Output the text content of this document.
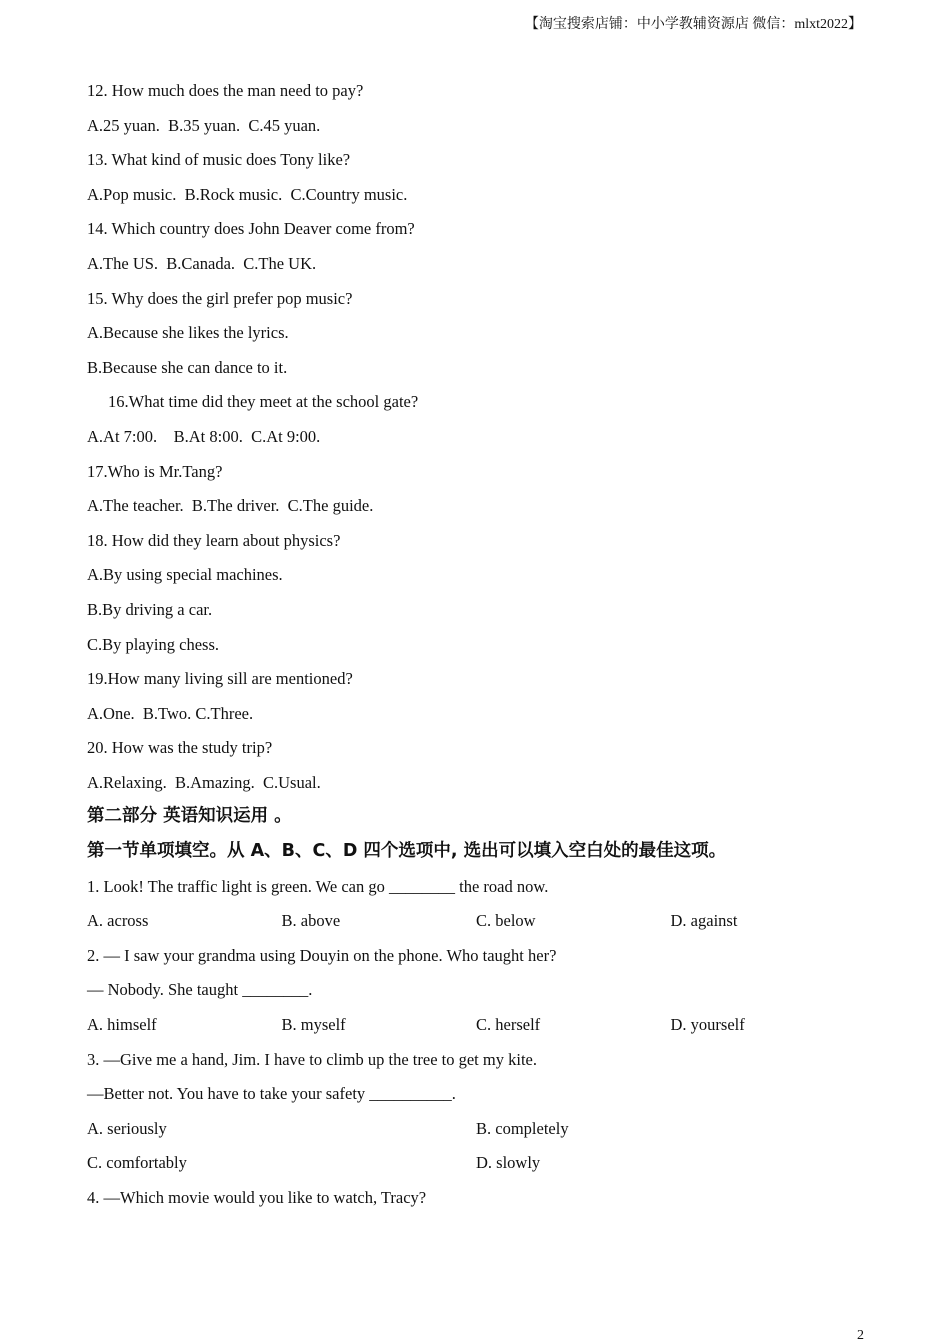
【淘宝搜索店铺：中小学教辅资源店 微信：mlxt2022】
12. How much does the man need to pay?
A.25 yuan.  B.35 yuan.  C.45 yuan.
13. What kind of music does Tony like?
A.Pop music.  B.Rock music.  C.Country music.
14. Which country does John Deaver come from?
A.The US.  B.Canada.  C.The UK.
15. Why does the girl prefer pop music?
A.Because she likes the lyrics.
B.Because she can dance to it.
16.What time did they meet at the school gate?
A.At 7:00.    B.At 8:00.  C.At 9:00.
17.Who is Mr.Tang?
A.The teacher.  B.The driver.  C.The guide.
18. How did they learn about physics?
A.By using special machines.
B.By driving a car.
C.By playing chess.
19.How many living sill are mentioned?
A.One.  B.Two. C.Three.
20. How was the study trip?
A.Relaxing.  B.Amazing.  C.Usual.
第二部分 英语知识运用 。
第一节单项填空。从 A、B、C、D 四个选项中, 选出可以填入空白处的最佳这项。
1. Look! The traffic light is green. We can go ________ the road now.
A. across	B. above	C. below	D. against
2. — I saw your grandma using Douyin on the phone. Who taught her?
— Nobody. She taught ________.
A. himself	B. myself	C. herself	D. yourself
3. —Give me a hand, Jim. I have to climb up the tree to get my kite.
—Better not. You have to take your safety __________.
A. seriously	B. completely
C. comfortably	D. slowly
4. —Which movie would you like to watch, Tracy?
2
